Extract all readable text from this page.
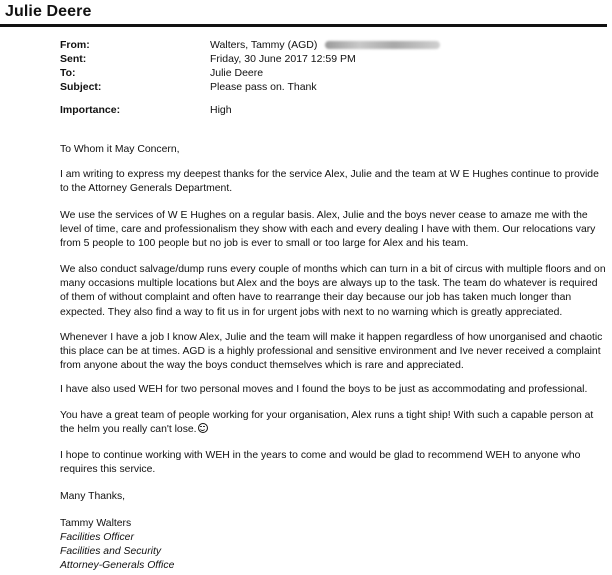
Julie Deere
From:	Walters, Tammy (AGD)
Sent:	Friday, 30 June 2017 12:59 PM
To:	Julie Deere
Subject:	Please pass on. Thank
Importance:	High

To Whom it May Concern,

I am writing to express my deepest thanks for the service Alex, Julie and the team at W E Hughes continue to provide to the Attorney Generals Department.

We use the services of W E Hughes on a regular basis. Alex, Julie and the boys never cease to amaze me with the level of time, care and professionalism they show with each and every dealing I have with them. Our relocations vary from 5 people to 100 people but no job is ever to small or too large for Alex and his team.

We also conduct salvage/dump runs every couple of months which can turn in a bit of circus with multiple floors and on many occasions multiple locations but Alex and the boys are always up to the task. The team do whatever is required of them of without complaint and often have to rearrange their day because our job has taken much longer than expected. They also find a way to fit us in for urgent jobs with next to no warning which is greatly appreciated.

Whenever I have a job I know Alex, Julie and the team will make it happen regardless of how unorganised and chaotic this place can be at times. AGD is a highly professional and sensitive environment and Ive never received a complaint from anyone about the way the boys conduct themselves which is rare and appreciated.

I have also used WEH for two personal moves and I found the boys to be just as accommodating and professional.

You have a great team of people working for your organisation, Alex runs a tight ship! With such a capable person at the helm you really can't lose.

I hope to continue working with WEH in the years to come and would be glad to recommend WEH to anyone who requires this service.

Many Thanks,

Tammy Walters
Facilities Officer
Facilities and Security
Attorney-Generals Office
